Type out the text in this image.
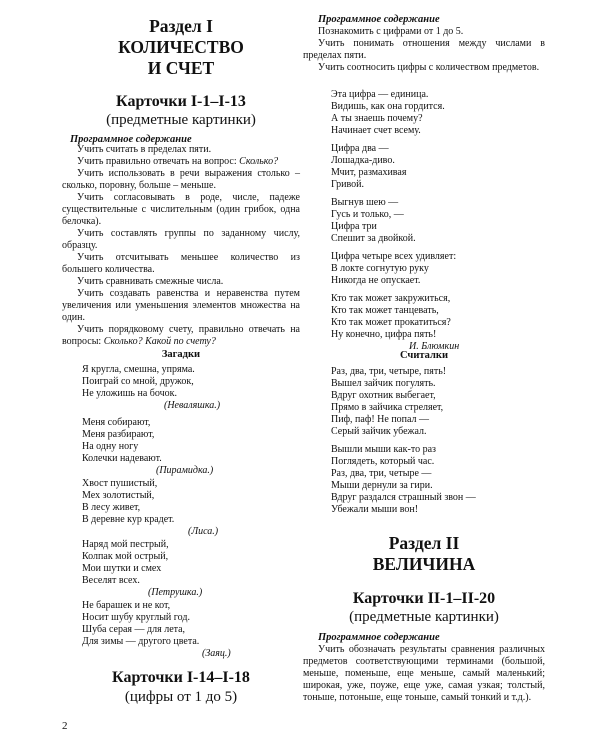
Раздел I
КОЛИЧЕСТВО
И СЧЕТ
Карточки I-1–I-13
(предметные картинки)
Программное содержание
Учить считать в пределах пяти.
Учить правильно отвечать на вопрос: Сколько?
Учить использовать в речи выражения столько – сколько, поровну, больше – меньше.
Учить согласовывать в роде, числе, падеже существительные с числительным (один грибок, одна белочка).
Учить составлять группы по заданному числу, образцу.
Учить отсчитывать меньшее количество из большего количества.
Учить сравнивать смежные числа.
Учить создавать равенства и неравенства путем увеличения или уменьшения элементов множества на один.
Учить порядковому счету, правильно отвечать на вопросы: Сколько? Какой по счету?
Загадки
Я кругла, смешна, упряма.
Поиграй со мной, дружок,
Не уложишь на бочок.
(Неваляшка.)
Меня собирают,
Меня разбирают,
На одну ногу
Колечки надевают.
(Пирамидка.)
Хвост пушистый,
Мех золотистый,
В лесу живет,
В деревне кур крадет.
(Лиса.)
Наряд мой пестрый,
Колпак мой острый,
Мои шутки и смех
Веселят всех.
(Петрушка.)
Не барашек и не кот,
Носит шубу круглый год.
Шуба серая — для лета,
Для зимы — другого цвета.
(Заяц.)
Карточки I-14–I-18
(цифры от 1 до 5)
Программное содержание
Познакомить с цифрами от 1 до 5.
Учить понимать отношения между числами в пределах пяти.
Учить соотносить цифры с количеством предметов.
Эта цифра — единица.
Видишь, как она гордится.
А ты знаешь почему?
Начинает счет всему.
Цифра два —
Лошадка-диво.
Мчит, размахивая
Гривой.
Выгнув шею —
Гусь и только, —
Цифра три
Спешит за двойкой.
Цифра четыре всех удивляет:
В локте согнутую руку
Никогда не опускает.
Кто так может закружиться,
Кто так может танцевать,
Кто так может прокатиться?
Ну конечно, цифра пять!
И. Блюмкин
Считалки
Раз, два, три, четыре, пять!
Вышел зайчик погулять.
Вдруг охотник выбегает,
Прямо в зайчика стреляет,
Пиф, паф! Не попал —
Серый зайчик убежал.
Вышли мыши как-то раз
Поглядеть, который час.
Раз, два, три, четыре —
Мыши дернули за гири.
Вдруг раздался страшный звон —
Убежали мыши вон!
Раздел II
ВЕЛИЧИНА
Карточки II-1–II-20
(предметные картинки)
Программное содержание
Учить обозначать результаты сравнения различных предметов соответствующими терминами (большой, меньше, поменьше, еще меньше, самый маленький; широкая, уже, поуже, еще уже, самая узкая; толстый, тоньше, потоньше, еще тоньше, самый тонкий и т.д.).
2
